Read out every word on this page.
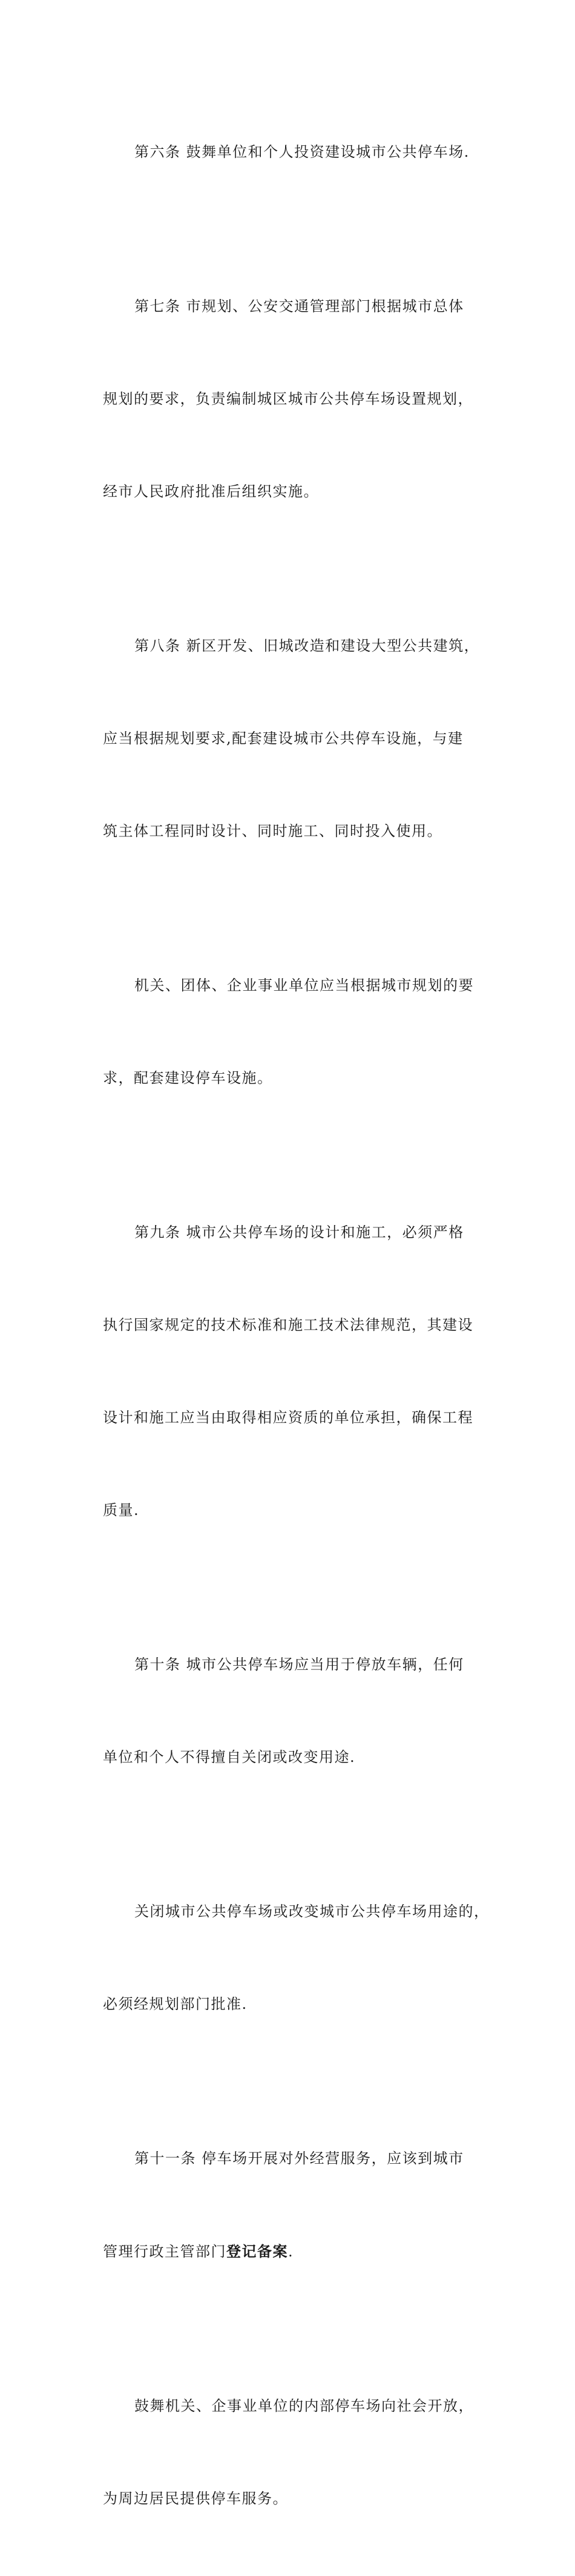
第六条 鼓舞单位和个人投资建设城市公共停车场.

第七条 市规划、公安交通管理部门根据城市总体

规划的要求，负责编制城区城市公共停车场设置规划，

经市人民政府批准后组织实施。

第八条 新区开发、旧城改造和建设大型公共建筑，

应当根据规划要求,配套建设城市公共停车设施，与建

筑主体工程同时设计、同时施工、同时投入使用。

机关、团体、企业事业单位应当根据城市规划的要

求，配套建设停车设施。

第九条 城市公共停车场的设计和施工，必须严格

执行国家规定的技术标准和施工技术法律规范，其建设

设计和施工应当由取得相应资质的单位承担，确保工程

质量.

第十条 城市公共停车场应当用于停放车辆，任何

单位和个人不得擅自关闭或改变用途.

关闭城市公共停车场或改变城市公共停车场用途的，

必须经规划部门批准.

第十一条 停车场开展对外经营服务，应该到城市

管理行政主管部门登记备案.

鼓舞机关、企事业单位的内部停车场向社会开放，

为周边居民提供停车服务。
